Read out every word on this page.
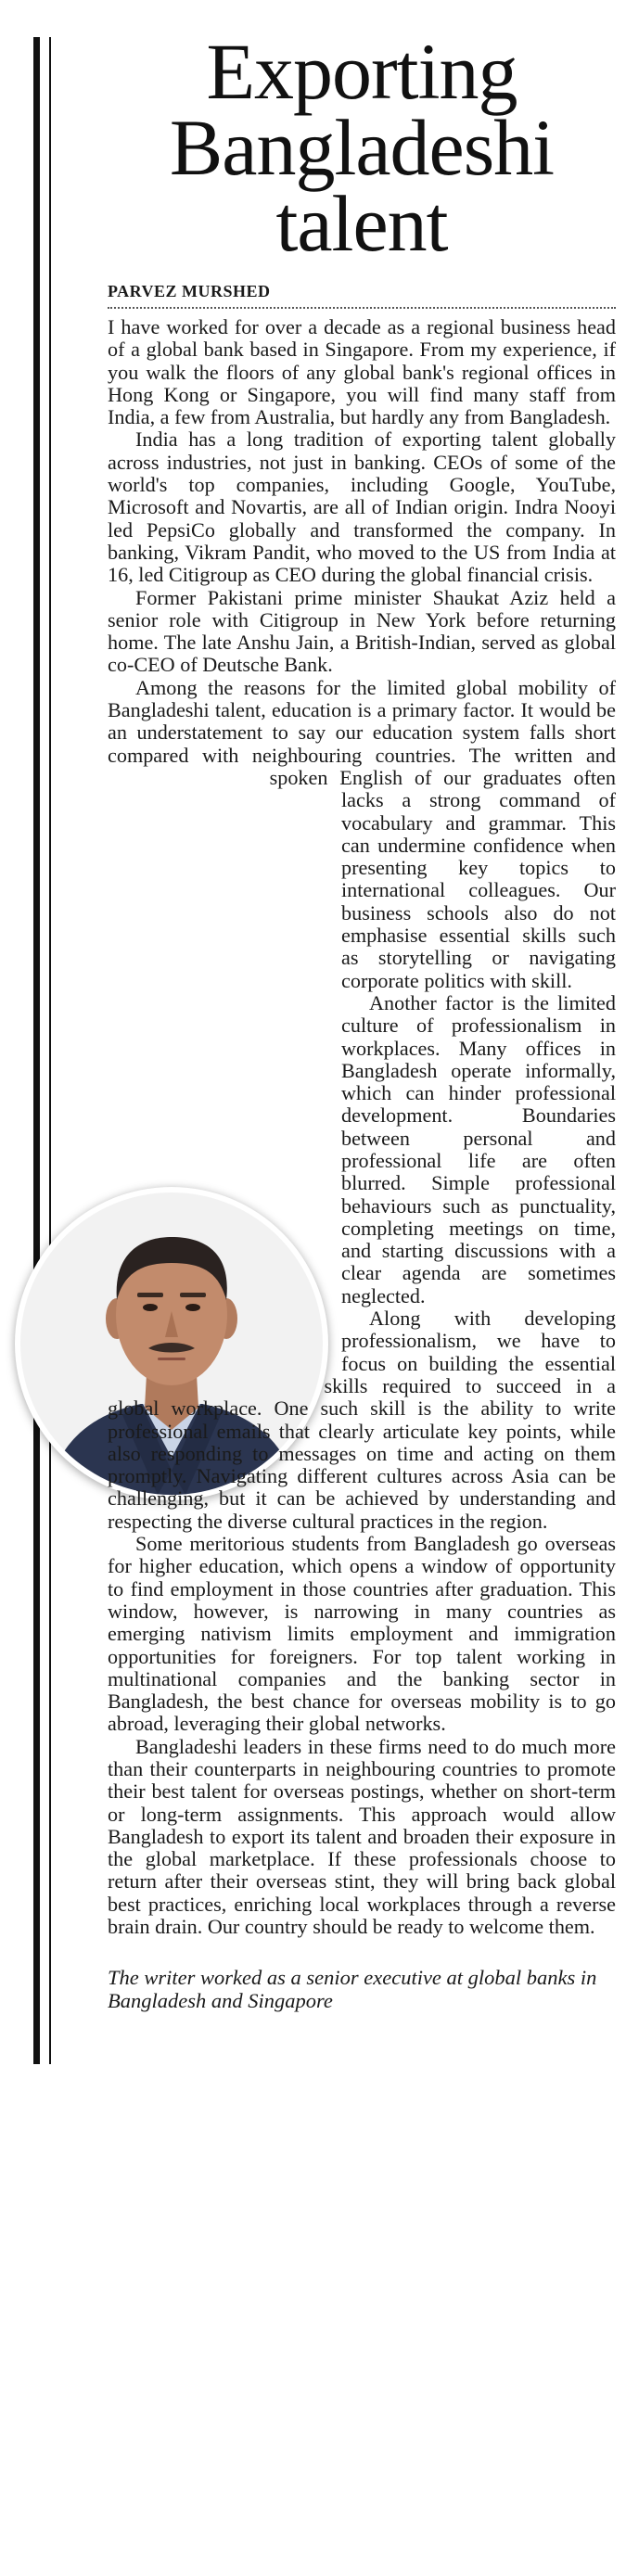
Exporting
Bangladeshi
talent
PARVEZ MURSHED

I have worked for over a decade as a regional business head of a global bank based in Singapore. From my experience, if you walk the floors of any global bank's regional offices in Hong Kong or Singapore, you will find many staff from India, a few from Australia, but hardly any from Bangladesh.

India has a long tradition of exporting talent globally across industries, not just in banking. CEOs of some of the world's top companies, including Google, YouTube, Microsoft and Novartis, are all of Indian origin. Indra Nooyi led PepsiCo globally and transformed the company. In banking, Vikram Pandit, who moved to the US from India at 16, led Citigroup as CEO during the global financial crisis.

Former Pakistani prime minister Shaukat Aziz held a senior role with Citigroup in New York before returning home. The late Anshu Jain, a British-Indian, served as global co-CEO of Deutsche Bank.

Among the reasons for the limited global mobility of Bangladeshi talent, education is a primary factor. It would be an understatement to say our education system falls short compared with neighbouring countries. The written and spoken English of our graduates often lacks a strong command of vocabulary and grammar. This can undermine confidence when presenting key topics to international colleagues. Our business schools also do not emphasise essential skills such as storytelling or navigating corporate politics with skill.

Another factor is the limited culture of professionalism in workplaces. Many offices in Bangladesh operate informally, which can hinder professional development. Boundaries between personal and professional life are often blurred. Simple professional behaviours such as punctuality, completing meetings on time, and starting discussions with a clear agenda are sometimes neglected.

Along with developing professionalism, we have to focus on building the essential skills required to succeed in a global workplace. One such skill is the ability to write professional emails that clearly articulate key points, while also responding to messages on time and acting on them promptly. Navigating different cultures across Asia can be challenging, but it can be achieved by understanding and respecting the diverse cultural practices in the region.

Some meritorious students from Bangladesh go overseas for higher education, which opens a window of opportunity to find employment in those countries after graduation. This window, however, is narrowing in many countries as emerging nativism limits employment and immigration opportunities for foreigners. For top talent working in multinational companies and the banking sector in Bangladesh, the best chance for overseas mobility is to go abroad, leveraging their global networks.

Bangladeshi leaders in these firms need to do much more than their counterparts in neighbouring countries to promote their best talent for overseas postings, whether on short-term or long-term assignments. This approach would allow Bangladesh to export its talent and broaden their exposure in the global marketplace. If these professionals choose to return after their overseas stint, they will bring back global best practices, enriching local workplaces through a reverse brain drain. Our country should be ready to welcome them.

The writer worked as a senior executive at global banks in Bangladesh and Singapore
